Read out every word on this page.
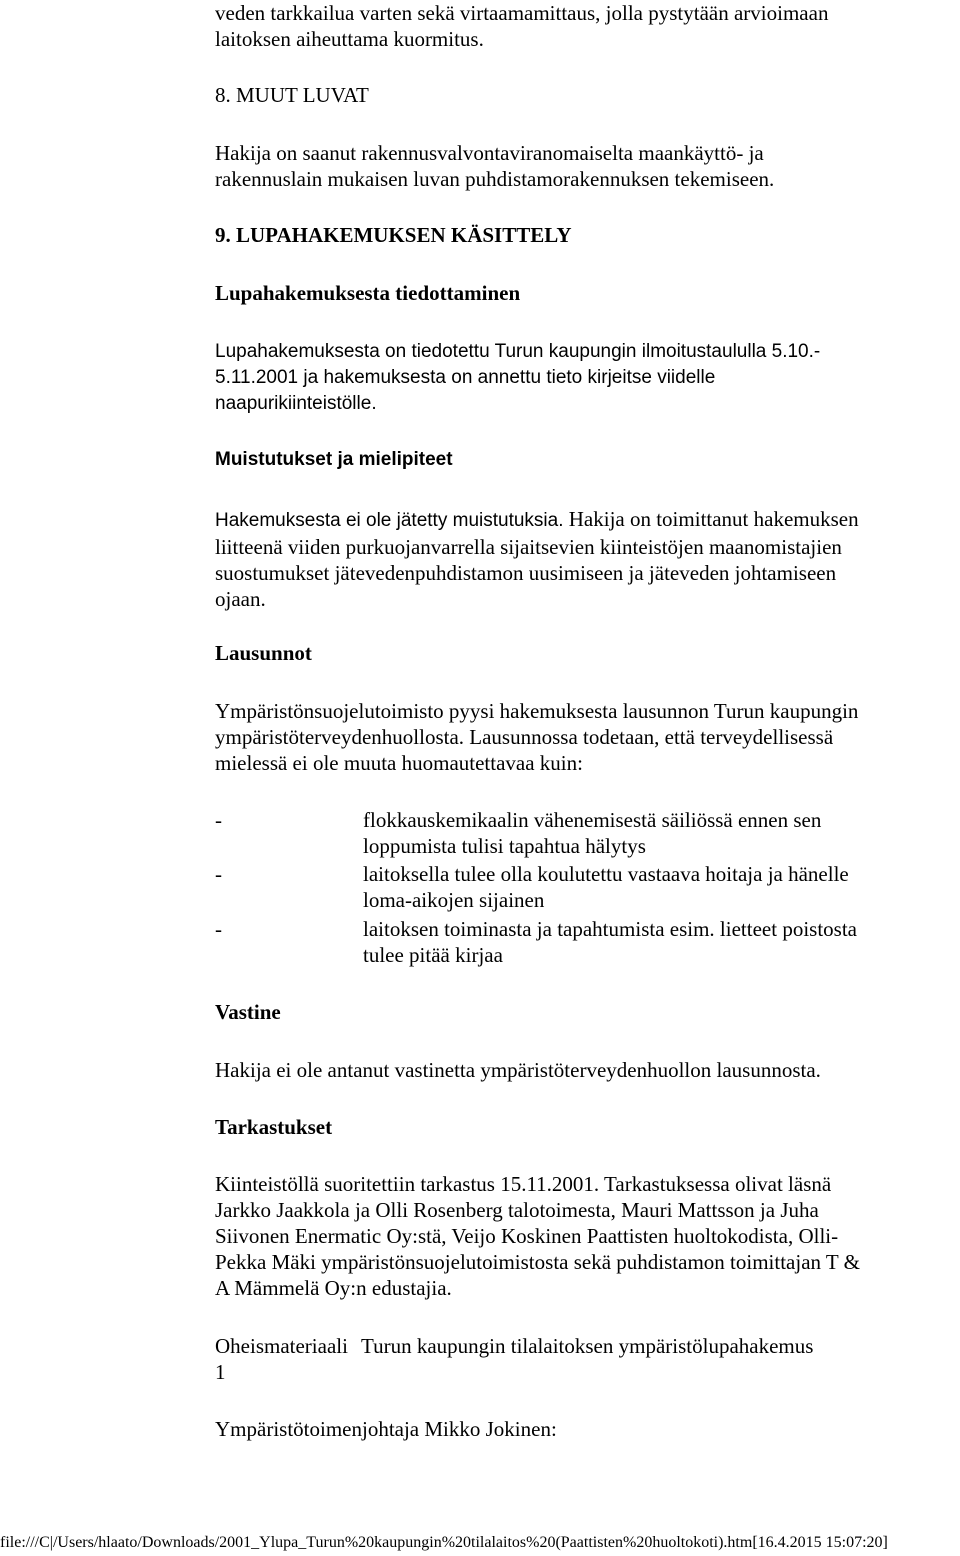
veden tarkkailua varten sekä virtaamamittaus, jolla pystytään arvioimaan
laitoksen aiheuttama kuormitus.
8. MUUT LUVAT
Hakija on saanut rakennusvalvontaviranomaiselta maankäyttö- ja
rakennuslain mukaisen luvan puhdistamorakennuksen tekemiseen.
9. LUPAHAKEMUKSEN KÄSITTELY
Lupahakemuksesta tiedottaminen
Lupahakemuksesta on tiedotettu Turun kaupungin ilmoitustaululla 5.10.-
5.11.2001 ja hakemuksesta on annettu tieto kirjeitse viidelle
naapurikiinteistölle.
Muistutukset ja mielipiteet
Hakemuksesta ei ole jätetty muistutuksia. Hakija on toimittanut hakemuksen
liitteenä viiden purkuojanvarrella sijaitsevien kiinteistöjen maanomistajien
suostumukset jätevedenpuhdistamon uusimiseen ja jäteveden johtamiseen
ojaan.
Lausunnot
Ympäristönsuojelutoimisto pyysi hakemuksesta lausunnon Turun kaupungin
ympäristöterveydenhuollosta. Lausunnossa todetaan, että terveydellisessä
mielessä ei ole muuta huomautettavaa kuin:
-	flokkauskemikaalin vähenemisestä säiliössä ennen sen
loppumista tulisi tapahtua hälytys
-	laitoksella tulee olla koulutettu vastaava hoitaja ja hänelle
loma-aikojen sijainen
-	laitoksen toiminasta ja tapahtumista esim. lietteet poistosta
tulee pitää kirjaa
Vastine
Hakija ei ole antanut vastinetta ympäristöterveydenhuollon lausunnosta.
Tarkastukset
Kiinteistöllä suoritettiin tarkastus 15.11.2001. Tarkastuksessa olivat läsnä
Jarkko Jaakkola ja Olli Rosenberg talotoimesta, Mauri Mattsson ja Juha
Siivonen Enermatic Oy:stä, Veijo Koskinen Paattisten huoltokodista, Olli-
Pekka Mäki ympäristönsuojelutoimistosta sekä puhdistamon toimittajan T &
A Mämmelä Oy:n edustajia.
Oheismateriaali Turun kaupungin tilalaitoksen ympäristölupahakemus
1
Ympäristötoimenjohtaja Mikko Jokinen:
file:///C|/Users/hlaato/Downloads/2001_Ylupa_Turun%20kaupungin%20tilalaitos%20(Paattisten%20huoltokoti).htm[16.4.2015 15:07:20]
